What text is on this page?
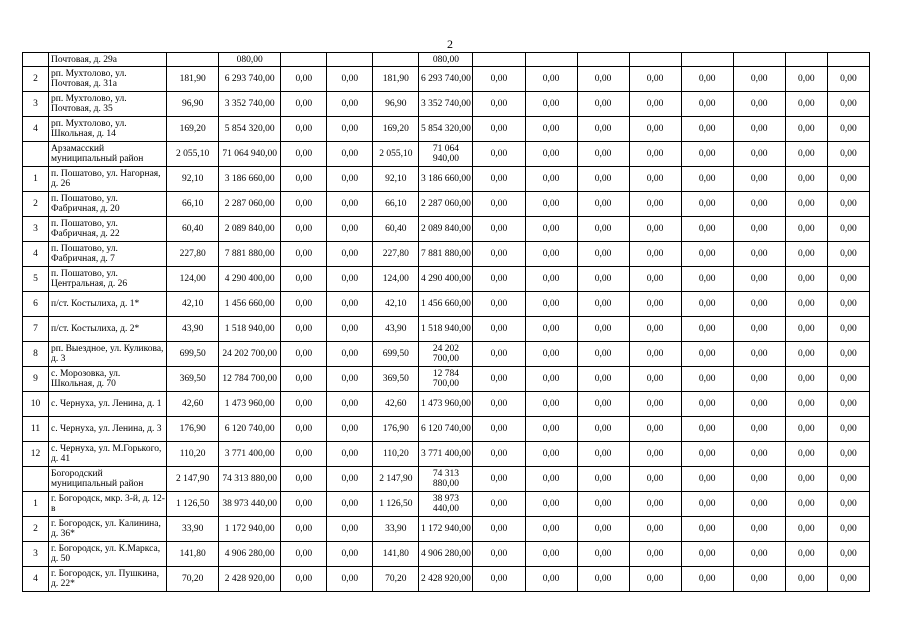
2
	Почтовая, д. 29а		080,00				080,00								
2	рп. Мухтолово, ул. Почтовая, д. 31а	181,90	6 293 740,00	0,00	0,00	181,90	6 293 740,00	0,00	0,00	0,00	0,00	0,00	0,00	0,00	0,00
3	рп. Мухтолово, ул. Почтовая, д. 35	96,90	3 352 740,00	0,00	0,00	96,90	3 352 740,00	0,00	0,00	0,00	0,00	0,00	0,00	0,00	0,00
4	рп. Мухтолово, ул. Школьная, д. 14	169,20	5 854 320,00	0,00	0,00	169,20	5 854 320,00	0,00	0,00	0,00	0,00	0,00	0,00	0,00	0,00
	Арзамасский муниципальный район	2 055,10	71 064 940,00	0,00	0,00	2 055,10	71 064 940,00	0,00	0,00	0,00	0,00	0,00	0,00	0,00	0,00
1	п. Пошатово, ул. Нагорная, д. 26	92,10	3 186 660,00	0,00	0,00	92,10	3 186 660,00	0,00	0,00	0,00	0,00	0,00	0,00	0,00	0,00
2	п. Пошатово, ул. Фабричная, д. 20	66,10	2 287 060,00	0,00	0,00	66,10	2 287 060,00	0,00	0,00	0,00	0,00	0,00	0,00	0,00	0,00
3	п. Пошатово, ул. Фабричная, д. 22	60,40	2 089 840,00	0,00	0,00	60,40	2 089 840,00	0,00	0,00	0,00	0,00	0,00	0,00	0,00	0,00
4	п. Пошатово, ул. Фабричная, д. 7	227,80	7 881 880,00	0,00	0,00	227,80	7 881 880,00	0,00	0,00	0,00	0,00	0,00	0,00	0,00	0,00
5	п. Пошатово, ул. Центральная, д. 26	124,00	4 290 400,00	0,00	0,00	124,00	4 290 400,00	0,00	0,00	0,00	0,00	0,00	0,00	0,00	0,00
6	п/ст. Костылиха, д. 1*	42,10	1 456 660,00	0,00	0,00	42,10	1 456 660,00	0,00	0,00	0,00	0,00	0,00	0,00	0,00	0,00
7	п/ст. Костылиха, д. 2*	43,90	1 518 940,00	0,00	0,00	43,90	1 518 940,00	0,00	0,00	0,00	0,00	0,00	0,00	0,00	0,00
8	рп. Выездное, ул. Куликова, д. 3	699,50	24 202 700,00	0,00	0,00	699,50	24 202 700,00	0,00	0,00	0,00	0,00	0,00	0,00	0,00	0,00
9	с. Морозовка, ул. Школьная, д. 70	369,50	12 784 700,00	0,00	0,00	369,50	12 784 700,00	0,00	0,00	0,00	0,00	0,00	0,00	0,00	0,00
10	с. Чернуха, ул. Ленина, д. 1	42,60	1 473 960,00	0,00	0,00	42,60	1 473 960,00	0,00	0,00	0,00	0,00	0,00	0,00	0,00	0,00
11	с. Чернуха, ул. Ленина, д. 3	176,90	6 120 740,00	0,00	0,00	176,90	6 120 740,00	0,00	0,00	0,00	0,00	0,00	0,00	0,00	0,00
12	с. Чернуха, ул. М.Горького, д. 41	110,20	3 771 400,00	0,00	0,00	110,20	3 771 400,00	0,00	0,00	0,00	0,00	0,00	0,00	0,00	0,00
	Богородский муниципальный район	2 147,90	74 313 880,00	0,00	0,00	2 147,90	74 313 880,00	0,00	0,00	0,00	0,00	0,00	0,00	0,00	0,00
1	г. Богородск, мкр. 3-й, д. 12-в	1 126,50	38 973 440,00	0,00	0,00	1 126,50	38 973 440,00	0,00	0,00	0,00	0,00	0,00	0,00	0,00	0,00
2	г. Богородск, ул. Калинина, д. 36*	33,90	1 172 940,00	0,00	0,00	33,90	1 172 940,00	0,00	0,00	0,00	0,00	0,00	0,00	0,00	0,00
3	г. Богородск, ул. К.Маркса, д. 50	141,80	4 906 280,00	0,00	0,00	141,80	4 906 280,00	0,00	0,00	0,00	0,00	0,00	0,00	0,00	0,00
4	г. Богородск, ул. Пушкина, д. 22*	70,20	2 428 920,00	0,00	0,00	70,20	2 428 920,00	0,00	0,00	0,00	0,00	0,00	0,00	0,00	0,00
